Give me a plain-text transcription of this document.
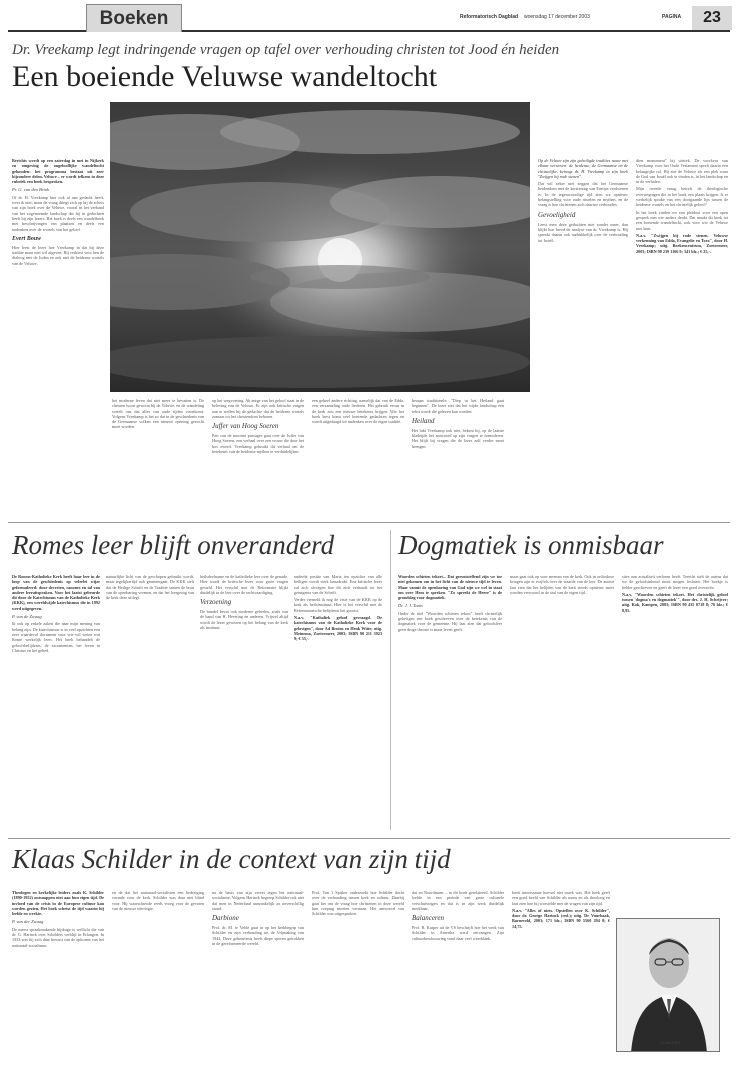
Boeken	Reformatorisch Dagblad woensdag 17 december 2003	PAGINA	23
Dr. Vreekamp legt indringende vragen op tafel over verhouding christen tot Jood én heiden
Een boeiende Veluwse wandeltocht

Berichts wordt op een zaterdag in mei in Nijkerk en omgeving de ongelooflijke wandeltocht gehouden: het programma bestaat uit zeer bijzondere delen. Veluwe – er wordt telkens in deze rubriek een boek besproken.

Pr. G. van den Brink

Of dr. H. Vreekamp hier ook al aan gedacht heeft, weet ik niet; maar de vraag dringt zich op bij de schets van zijn boek over de Veluwe, vooral in het verband van het zogenoemde landschap dat hij in gedachten heeft bij zijn lezers. Het boek is deels een wandelboek met beschrijvingen van plaatsen en deels een nadenken over de wortels van het geloof.

Evert Bouw

Hier leest de lezer hoe Vreekamp in dat hij deze traditie maar niet wil afgeven. Hij verkiest voor hen de dialoog met de Joden en ook met de heidense wortels van de Veluwe.

het moderne leven dat niet meer te bevatten is. De christen hoort gewoon bij de Veluwe, en de wandeling vertelt ons dat alles van oude tijden voortkomt. Volgens Vreekamp is het zo dat in de geschiedenis van de Germaanse volken een nieuwe opening gezocht moet worden.

op het wegvoering. Ah enige van het geloof staat in de beleving van de Veluwe. Er zijn ook kritische vragen aan te stellen bij de gedachte dat de heidense wortels zomaar tot het christendom behoren.

Juffer van Hoog Soeren

Een van de mooiste passages gaat over de Juffer van Hoog Soeren, een verhaal over een vrouw die door het bos zwerft. Vreekamp gebruikt dit verhaal om de betekenis van de heidense mythen te verduidelijken.

een geheel andere richting, namelijk dat van de Edda, een verzameling oude liederen. Het gebruik ervan in de kerk zou een nieuwe betekenis krijgen. Wie het boek leest komt veel boeiende gedachten tegen en wordt uitgedaagd tot nadenken over de eigen traditie.

bezaan traditionele: "Diep in het Heiland gaat beginnen". De lezer ziet dat het wijde landschap een tekst wordt die gelezen kan worden.

Heiland

Het lukt Vreekamp ook niet, bekent hij, op de laatste bladzijde het antwoord op zijn vragen te formuleren. Het blijft bij vragen die de lezer zelf verder moet brengen.

Op de Veluwe zijn zijn geheiligde tradities nauw met elkaar verweven: de heidense, de Germaanse en de christelijke, betoogt dr. H. Vreekamp in zijn boek "Zwijgen bij rode stenen".

Dat wil zeker niet zeggen dat het Germaanse heidendom met de kerstening van Europa verdwenen is. In de tegenwoordige tijd zien we opnieuw belangstelling voor oude rituelen en mythen, en de vraag is hoe christenen zich daartoe verhouden.

Gevoeligheid

Leest men deze gedachten niet zonder meer, dan blijkt hoe breed de analyse van dr. Vreekamp is. Hij spreekt daarin ook nadrukkelijk over de verhouding tot Israël.

dien monument" bij uitstek. De voorkeur van Vreekamp voor het Oude Testament speelt daarin een belangrijke rol. Hij ziet de Veluwe als een plek waar de God van Israël ook te vinden is, in het landschap en in de verhalen.

Mijn tweede vraag betreft de theologische overwegingen die in het boek een plaats krijgen. Is er werkelijk sprake van een doorgaande lijn tussen de heidense wortels en het christelijk geloof?

In het boek vinden we een pleidooi voor een open gesprek met wie anders denkt. Dat maakt dit boek tot een boeiende wandeltocht, ook voor wie de Veluwe niet kent.

N.a.v. "Zwijgen bij rode stenen. Veluwse verkenning van Edda, Evangelie en Tora", door H. Vreekamp; uitg. Boekencentrum, Zoetermeer, 2003; ISBN 90 239 1166 9; 341 blz.; € 25,-.

Romes leer blijft onveranderd

De Rooms-Katholieke Kerk heeft haar leer in de loop van de geschiedenis op velerlei wijze geformuleerd: door decreten, canones en tal van andere leeruitspraken. Voor het laatst gebeurde dit door de Katechismus van de Katholieke Kerk (KKK), een wereldwijde katechismus die in 1992 werd uitgegeven.

P. van de Zwaag

Ik ook op enkele zaken die naar mijn mening van belang zijn. De katechismus is in veel opzichten een zeer waardevol document voor wie wil weten wat Rome werkelijk leert. Het boek behandelt de geloofsbelijdenis, de sacramenten, het leven in Christus en het gebed.

natuurlijke licht van de geschapen gebruikt wordt, maar tegelijkertijd ook gesmeergaat. De KKK stelt dat de Heilige Schrift en de Traditie samen de bron van de openbaring vormen, en dat het leergezag van de kerk deze uitlegt.

heilsdeelname en de katholieke leer over de genade. Hier wordt de kritische lezer voor grote vragen gesteld. Het verschil met de Reformatie blijkt duidelijk in de leer over de rechtvaardiging.

Verzoening

De bundel bevat ook moderne gebeden, zoals van de hand van H. Heerring en anderen. Vrijwel altijd wordt de lezer gewezen op het belang van de kerk als instituut.

onderde positie van Maria ten opzichte van alle heiligen wordt sterk benadrukt. Een kritische lezer zal zich afvragen hoe dit zich verhoudt tot het getuigenis van de Schrift.

Verder vermeld ik nog de visie van de KKK op de kerk als heilsinstituut. Hier is het verschil met de Reformatorische belijdenis het grootst.

N.a.v. "Katholiek geloof gevraagd. De katechismus van de Katholieke Kerk voor de gelovigen", door Ad Bruins en Henk Witte; uitg. Meinema, Zoetermeer, 2003; ISBN 90 211 3923 9; € 35,-.

Dogmatiek is onmisbaar

Woorden schieten tekort... Dat geruststellend zijn we toe niet gekomen om in het licht van de nieuwe tijd te leven. Maar vanuit de openbaring van God zijn we wel in staat om over Hem te spreken. "Zo spreekt de Heere" is de grondslag voor dogmatiek.

Dr. J. J. Tanis

Onder de titel "Woorden schieten tekort" heeft christelijk gelovigen een boek geschreven over de betekenis van de dogmatiek voor de gemeente. Hij laat zien dat geloofsleer geen droge theorie is maar leven geeft.

maar gaat ook op voor mensen van de kerk. Ook in orthodoxe kringen zijn er twijfels over de waarde van de leer. De auteur laat zien dat het belijden van de kerk steeds opnieuw moet worden verwoord in de taal van de eigen tijd.

sites aan actualiteit verloren heeft. Terecht stelt de auteur dat we de geloofsinhoud nooit mogen loslaten. Het boekje is helder geschreven en geeft de lezer een goed overzicht.

N.a.v. "Woorden schieten tekort. Het christelijk geloof tussen 'dogma's en dogmatiek'", door drs. J. H. Schrijver; uitg. Kok, Kampen, 2003; ISBN 90 435 0718 8; 76 blz.; € 8,95.

Klaas Schilder in de context van zijn tijd

Theologen en kerkelijke leiders zoals K. Schilder (1890-1952) ontsnappen niet aan hun eigen tijd. De invloed van de crisis in de Europese cultuur kan worden gezien. Het boek schetst de tijd waarin hij leefde en werkte.

P. van der Zwaag

De meest spraakmakende bijdrage is wellicht die van dr. G. Harinck over Schilders verblijf in Erlangen. In 1933 was hij zich daar bewust van de opkomst van het nationaal-socialisme.

en de dat het nationaal-socialisten een bedreiging vormde voor de kerk. Schilder was daar niet blind voor. Hij waarschuwde reeds vroeg voor de gevaren van de nieuwe ideologie.

na de basis van zijn verzet tegen het nationaal-socialisme. Volgens Harinck begreep Schilder ook niet dat men in Nederland aanvankelijk zo onverschillig stond.

Darbione

Prof. dr. M. te Velde gaat in op het kerkbegrip van Schilder en zijn verhouding tot de Vrijmaking van 1944. Deze gebeurtenis heeft diepe sporen getrokken in de gereformeerde wereld.

Prof. Van 't Spijker onderzoekt hoe Schilder dacht over de verhouding tussen kerk en cultuur. Daarbij gaat het om de vraag hoe christenen in deze wereld hun roeping moeten verstaan. Het antwoord van Schilder was uitgesproken.

dat en Noordmans – in dit boek gerelateerd. Schilder leefde in een periode van grote culturele verschuivingen en dat is in zijn werk duidelijk merkbaar.

Balanceren

Prof. R. Kuiper uit de VS beschrijft hoe het werk van Schilder in Amerika werd ontvangen. Zijn cultuurbeschouwing vond daar veel weerklank.

boeit interessante hoewel niet uniek was. Het boek geeft een goed beeld van Schilder als mens en als theoloog en laat zien hoe hij worstelde met de vragen van zijn tijd.

N.a.v. "Alles of niets. Opstellen over K. Schilder", door dr. George Harinck (red.); uitg. De Vuurbaak, Barneveld, 2003; 171 blz.; ISBN 90 5560 294 8; € 14,75.

SCHILDER
